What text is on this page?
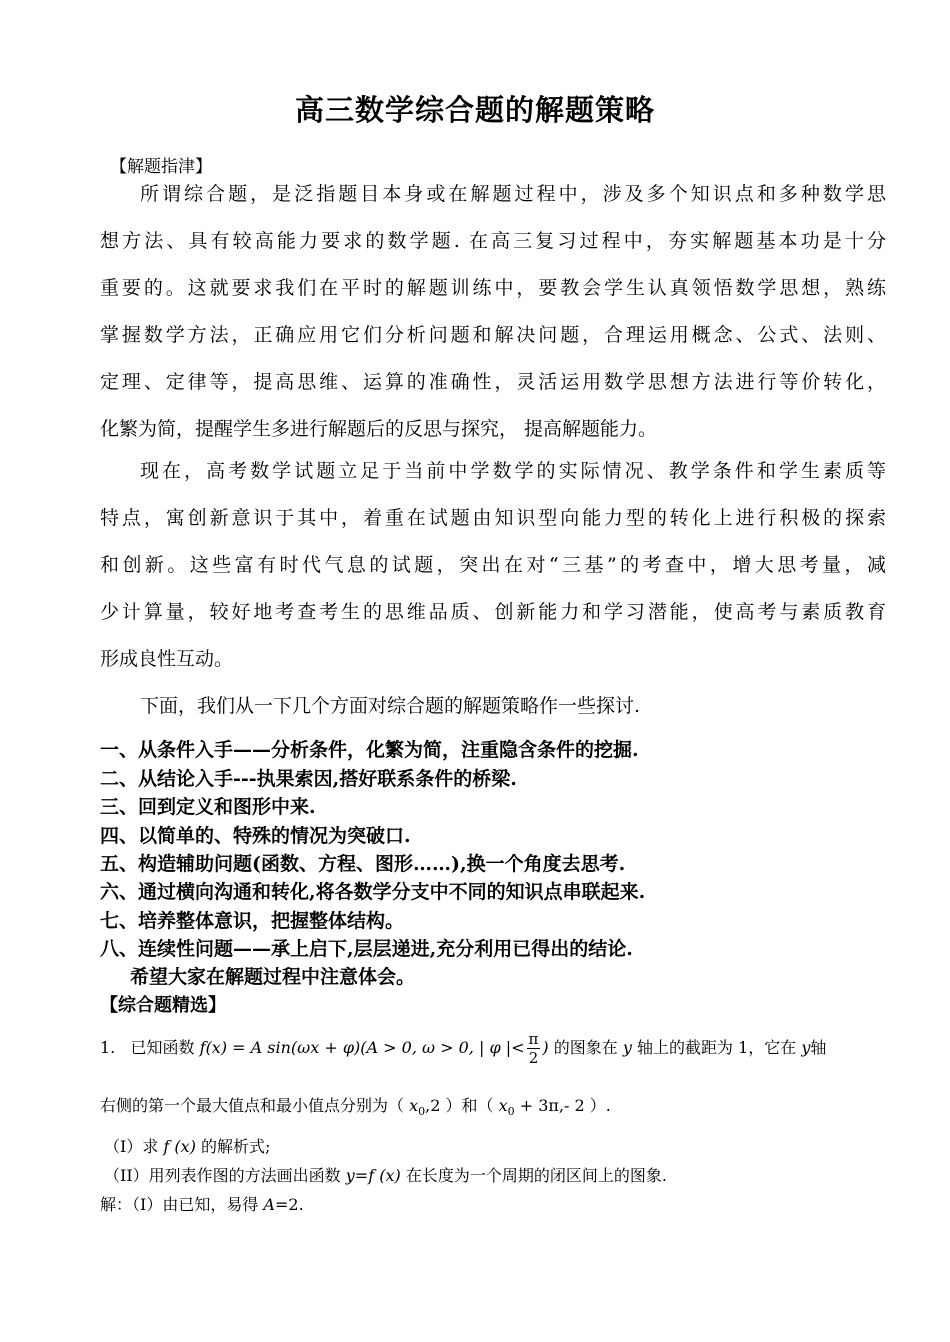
高三数学综合题的解题策略
【解题指津】
所谓综合题，是泛指题目本身或在解题过程中，涉及多个知识点和多种数学思
想方法、具有较高能力要求的数学题. 在高三复习过程中，夯实解题基本功是十分
重要的。这就要求我们在平时的解题训练中，要教会学生认真领悟数学思想，熟练
掌握数学方法，正确应用它们分析问题和解决问题，合理运用概念、公式、法则、
定理、定律等，提高思维、运算的准确性，灵活运用数学思想方法进行等价转化，
化繁为简，提醒学生多进行解题后的反思与探究， 提高解题能力。
现在，高考数学试题立足于当前中学数学的实际情况、教学条件和学生素质等
特点，寓创新意识于其中，着重在试题由知识型向能力型的转化上进行积极的探索
和创新。这些富有时代气息的试题，突出在对“三基”的考查中，增大思考量，减
少计算量，较好地考查考生的思维品质、创新能力和学习潜能，使高考与素质教育
形成良性互动。
下面，我们从一下几个方面对综合题的解题策略作一些探讨.
一、从条件入手——分析条件，化繁为简，注重隐含条件的挖掘.
二、从结论入手---执果索因,搭好联系条件的桥梁.
三、回到定义和图形中来.
四、以简单的、特殊的情况为突破口.
五、构造辅助问题(函数、方程、图形……),换一个角度去思考.
六、通过横向沟通和转化,将各数学分支中不同的知识点串联起来.
七、培养整体意识，把握整体结构。
八、连续性问题——承上启下,层层递进,充分利用已得出的结论.
希望大家在解题过程中注意体会。
【综合题精选】
1. 已知函数 f(x) = A sin(ωx + φ)(A > 0, ω > 0, | φ |< $\frac{\pi}{2}$ ) 的图象在 y 轴上的截距为 1，它在 y轴
右侧的第一个最大值点和最小值点分别为（ $x_0,2$ ）和（ $x_0 + 3\pi,-$ 2 ）.
（I）求 f (x) 的解析式;
（II）用列表作图的方法画出函数 y=f (x) 在长度为一个周期的闭区间上的图象.
解：（Ⅰ）由已知，易得 A=2.
